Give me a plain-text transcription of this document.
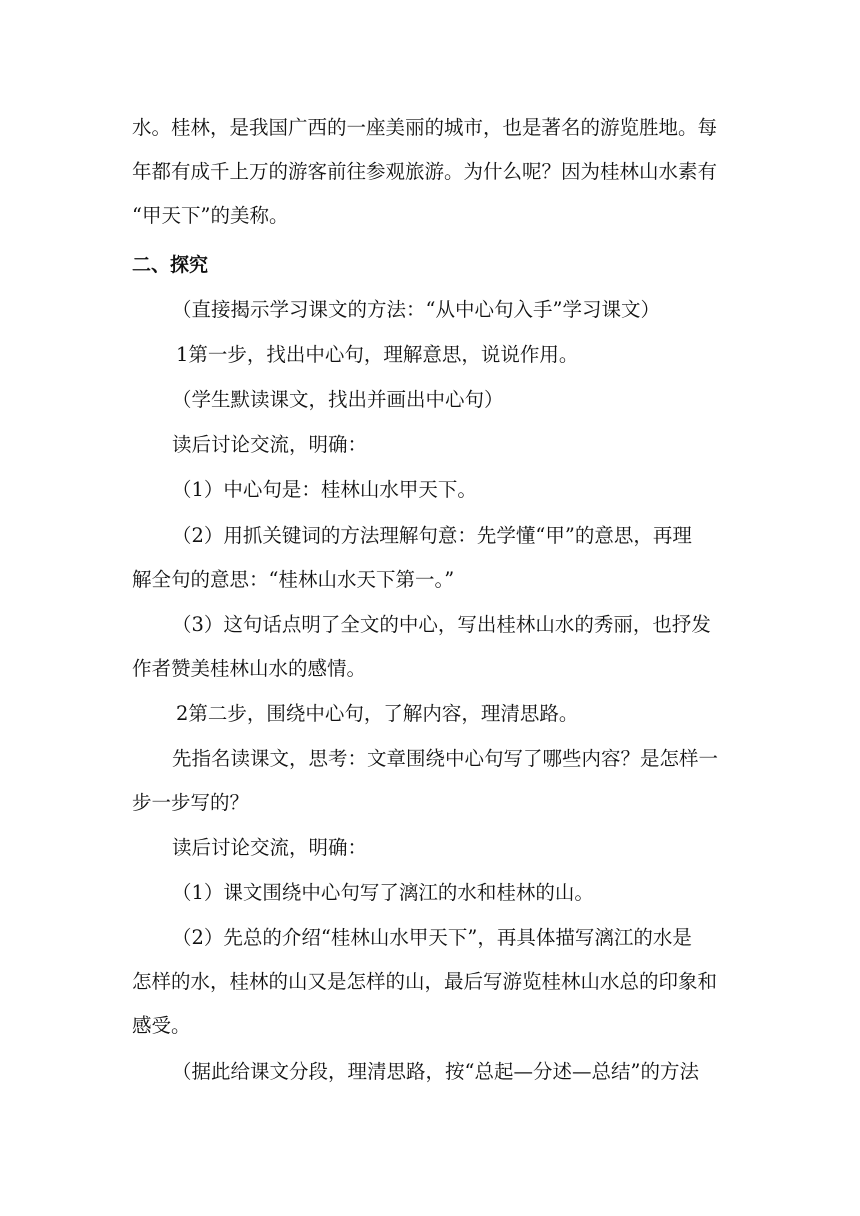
水。桂林，是我国广西的一座美丽的城市，也是著名的游览胜地。每
年都有成千上万的游客前往参观旅游。为什么呢？因为桂林山水素有
“甲天下”的美称。
二、探究
（直接揭示学习课文的方法：“从中心句入手”学习课文）
1第一步，找出中心句，理解意思，说说作用。
（学生默读课文，找出并画出中心句）
读后讨论交流，明确：
（1）中心句是：桂林山水甲天下。
（2）用抓关键词的方法理解句意：先学懂“甲”的意思，再理
解全句的意思：“桂林山水天下第一。”
（3）这句话点明了全文的中心，写出桂林山水的秀丽，也抒发
作者赞美桂林山水的感情。
2第二步，围绕中心句，了解内容，理清思路。
先指名读课文，思考：文章围绕中心句写了哪些内容？是怎样一
步一步写的？
读后讨论交流，明确：
（1）课文围绕中心句写了漓江的水和桂林的山。
（2）先总的介绍“桂林山水甲天下”，再具体描写漓江的水是
怎样的水，桂林的山又是怎样的山，最后写游览桂林山水总的印象和
感受。
（据此给课文分段，理清思路，按“总起—分述—总结”的方法
